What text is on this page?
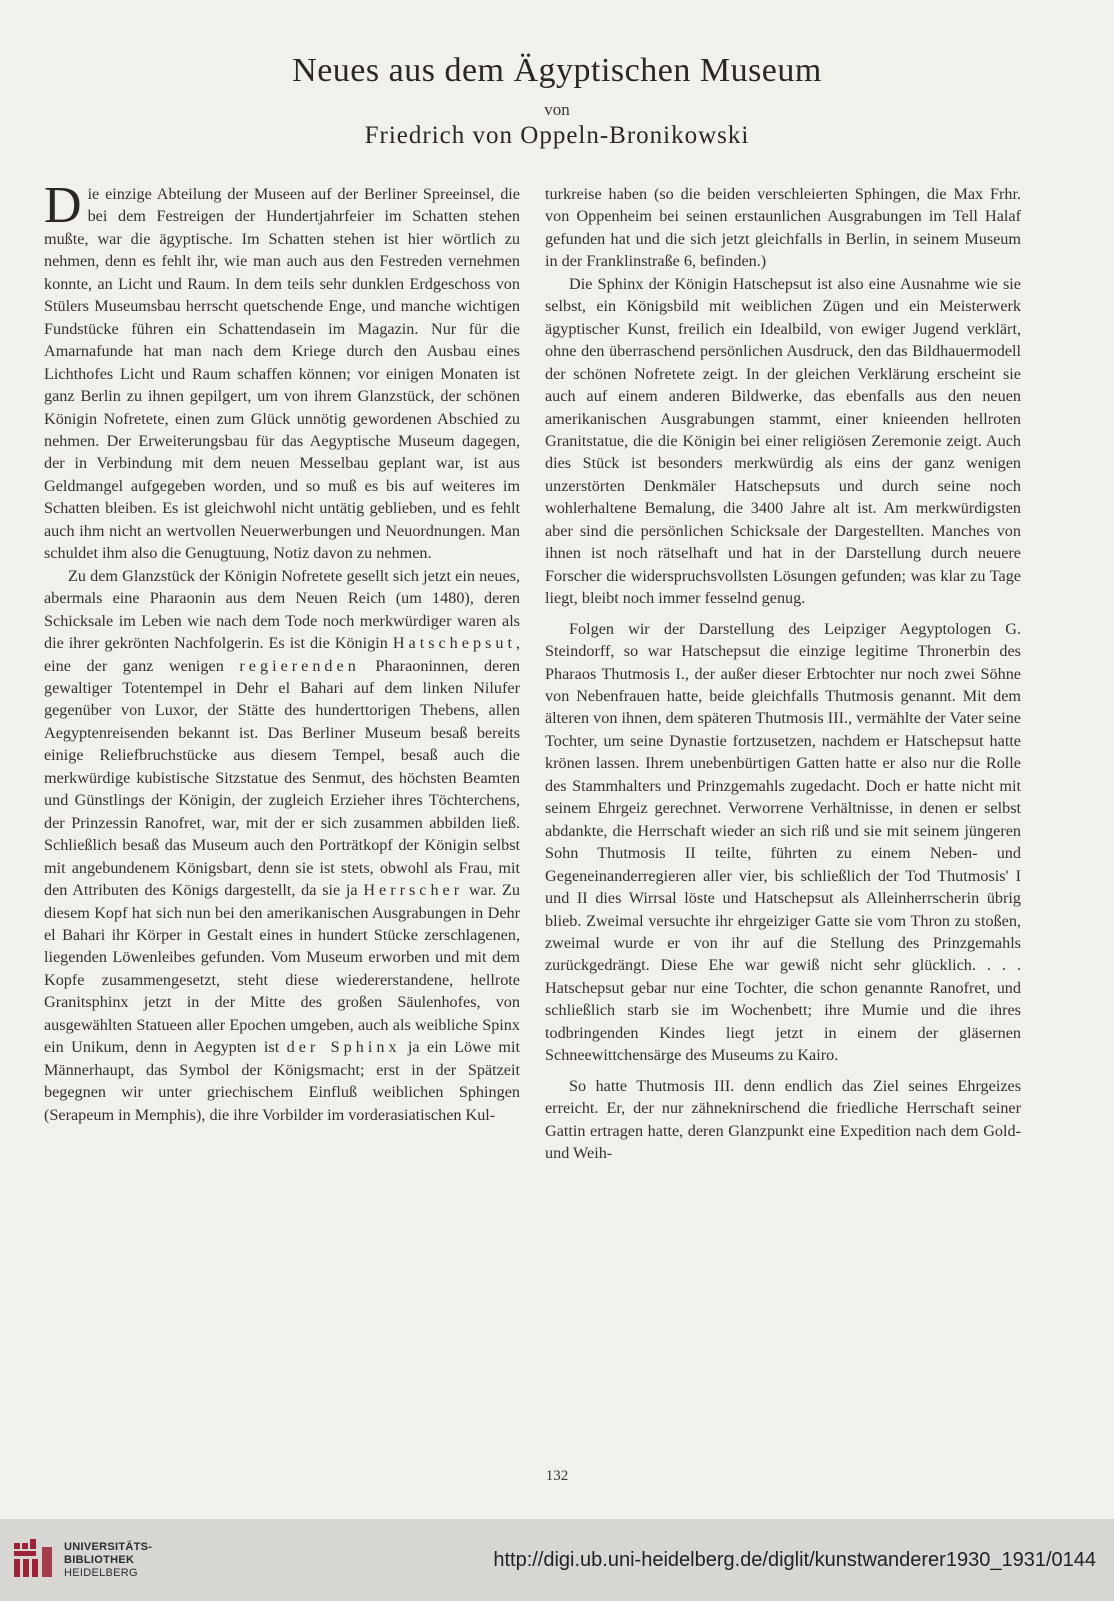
Neues aus dem Ägyptischen Museum
von
Friedrich von Oppeln-Bronikowski

Die einzige Abteilung der Museen auf der Berliner Spreeinsel, die bei dem Festreigen der Hundertjahrfeier im Schatten stehen mußte, war die ägyptische. Im Schatten stehen ist hier wörtlich zu nehmen, denn es fehlt ihr, wie man auch aus den Festreden vernehmen konnte, an Licht und Raum. In dem teils sehr dunklen Erdgeschoss von Stülers Museumsbau herrscht quetschende Enge, und manche wichtigen Fundstücke führen ein Schattendasein im Magazin. Nur für die Amarnafunde hat man nach dem Kriege durch den Ausbau eines Lichthofes Licht und Raum schaffen können; vor einigen Monaten ist ganz Berlin zu ihnen gepilgert, um von ihrem Glanzstück, der schönen Königin Nofretete, einen zum Glück unnötig gewordenen Abschied zu nehmen. Der Erweiterungsbau für das Aegyptische Museum dagegen, der in Verbindung mit dem neuen Messelbau geplant war, ist aus Geldmangel aufgegeben worden, und so muß es bis auf weiteres im Schatten bleiben. Es ist gleichwohl nicht untätig geblieben, und es fehlt auch ihm nicht an wertvollen Neuerwerbungen und Neuordnungen. Man schuldet ihm also die Genugtuung, Notiz davon zu nehmen.

Zu dem Glanzstück der Königin Nofretete gesellt sich jetzt ein neues, abermals eine Pharaonin aus dem Neuen Reich (um 1480), deren Schicksale im Leben wie nach dem Tode noch merkwürdiger waren als die ihrer gekrönten Nachfolgerin. Es ist die Königin Hatschepsut, eine der ganz wenigen regierenden Pharaoninnen, deren gewaltiger Totentempel in Dehr el Bahari auf dem linken Nilufer gegenüber von Luxor, der Stätte des hunderttorigen Thebens, allen Aegyptenreisenden bekannt ist. Das Berliner Museum besaß bereits einige Reliefbruchstücke aus diesem Tempel, besaß auch die merkwürdige kubistische Sitzstatue des Senmut, des höchsten Beamten und Günstlings der Königin, der zugleich Erzieher ihres Töchterchens, der Prinzessin Ranofret, war, mit der er sich zusammen abbilden ließ. Schließlich besaß das Museum auch den Porträtkopf der Königin selbst mit angebundenem Königsbart, denn sie ist stets, obwohl als Frau, mit den Attributen des Königs dargestellt, da sie ja Herrscher war. Zu diesem Kopf hat sich nun bei den amerikanischen Ausgrabungen in Dehr el Bahari ihr Körper in Gestalt eines in hundert Stücke zerschlagenen, liegenden Löwenleibes gefunden. Vom Museum erworben und mit dem Kopfe zusammengesetzt, steht diese wiedererstandene, hellrote Granitsphinx jetzt in der Mitte des großen Säulenhofes, von ausgewählten Statueen aller Epochen umgeben, auch als weibliche Spinx ein Unikum, denn in Aegypten ist der Sphinx ja ein Löwe mit Männerhaupt, das Symbol der Königsmacht; erst in der Spätzeit begegnen wir unter griechischem Einfluß weiblichen Sphingen (Serapeum in Memphis), die ihre Vorbilder im vorderasiatischen Kul-

turkreise haben (so die beiden verschleierten Sphingen, die Max Frhr. von Oppenheim bei seinen erstaunlichen Ausgrabungen im Tell Halaf gefunden hat und die sich jetzt gleichfalls in Berlin, in seinem Museum in der Franklinstraße 6, befinden.)

Die Sphinx der Königin Hatschepsut ist also eine Ausnahme wie sie selbst, ein Königsbild mit weiblichen Zügen und ein Meisterwerk ägyptischer Kunst, freilich ein Idealbild, von ewiger Jugend verklärt, ohne den überraschend persönlichen Ausdruck, den das Bildhauermodell der schönen Nofretete zeigt. In der gleichen Verklärung erscheint sie auch auf einem anderen Bildwerke, das ebenfalls aus den neuen amerikanischen Ausgrabungen stammt, einer knieenden hellroten Granitstatue, die die Königin bei einer religiösen Zeremonie zeigt. Auch dies Stück ist besonders merkwürdig als eins der ganz wenigen unzerstörten Denkmäler Hatschepsuts und durch seine noch wohlerhaltene Bemalung, die 3400 Jahre alt ist. Am merkwürdigsten aber sind die persönlichen Schicksale der Dargestellten. Manches von ihnen ist noch rätselhaft und hat in der Darstellung durch neuere Forscher die widerspruchsvollsten Lösungen gefunden; was klar zu Tage liegt, bleibt noch immer fesselnd genug.

Folgen wir der Darstellung des Leipziger Aegyptologen G. Steindorff, so war Hatschepsut die einzige legitime Thronerbin des Pharaos Thutmosis I., der außer dieser Erbtochter nur noch zwei Söhne von Nebenfrauen hatte, beide gleichfalls Thutmosis genannt. Mit dem älteren von ihnen, dem späteren Thutmosis III., vermählte der Vater seine Tochter, um seine Dynastie fortzusetzen, nachdem er Hatschepsut hatte krönen lassen. Ihrem unebenbürtigen Gatten hatte er also nur die Rolle des Stammhalters und Prinzgemahls zugedacht. Doch er hatte nicht mit seinem Ehrgeiz gerechnet. Verworrene Verhältnisse, in denen er selbst abdankte, die Herrschaft wieder an sich riß und sie mit seinem jüngeren Sohn Thutmosis II teilte, führten zu einem Neben- und Gegeneinanderregieren aller vier, bis schließlich der Tod Thutmosis' I und II dies Wirrsal löste und Hatschepsut als Alleinherrscherin übrig blieb. Zweimal versuchte ihr ehrgeiziger Gatte sie vom Thron zu stoßen, zweimal wurde er von ihr auf die Stellung des Prinzgemahls zurückgedrängt. Diese Ehe war gewiß nicht sehr glücklich. . . . Hatschepsut gebar nur eine Tochter, die schon genannte Ranofret, und schließlich starb sie im Wochenbett; ihre Mumie und die ihres todbringenden Kindes liegt jetzt in einem der gläsernen Schneewittchensärge des Museums zu Kairo.

So hatte Thutmosis III. denn endlich das Ziel seines Ehrgeizes erreicht. Er, der nur zähneknirschend die friedliche Herrschaft seiner Gattin ertragen hatte, deren Glanzpunkt eine Expedition nach dem Gold- und Weih-

132
UNIVERSITÄTS-
BIBLIOTHEK
HEIDELBERG
http://digi.ub.uni-heidelberg.de/diglit/kunstwanderer1930_1931/0144
